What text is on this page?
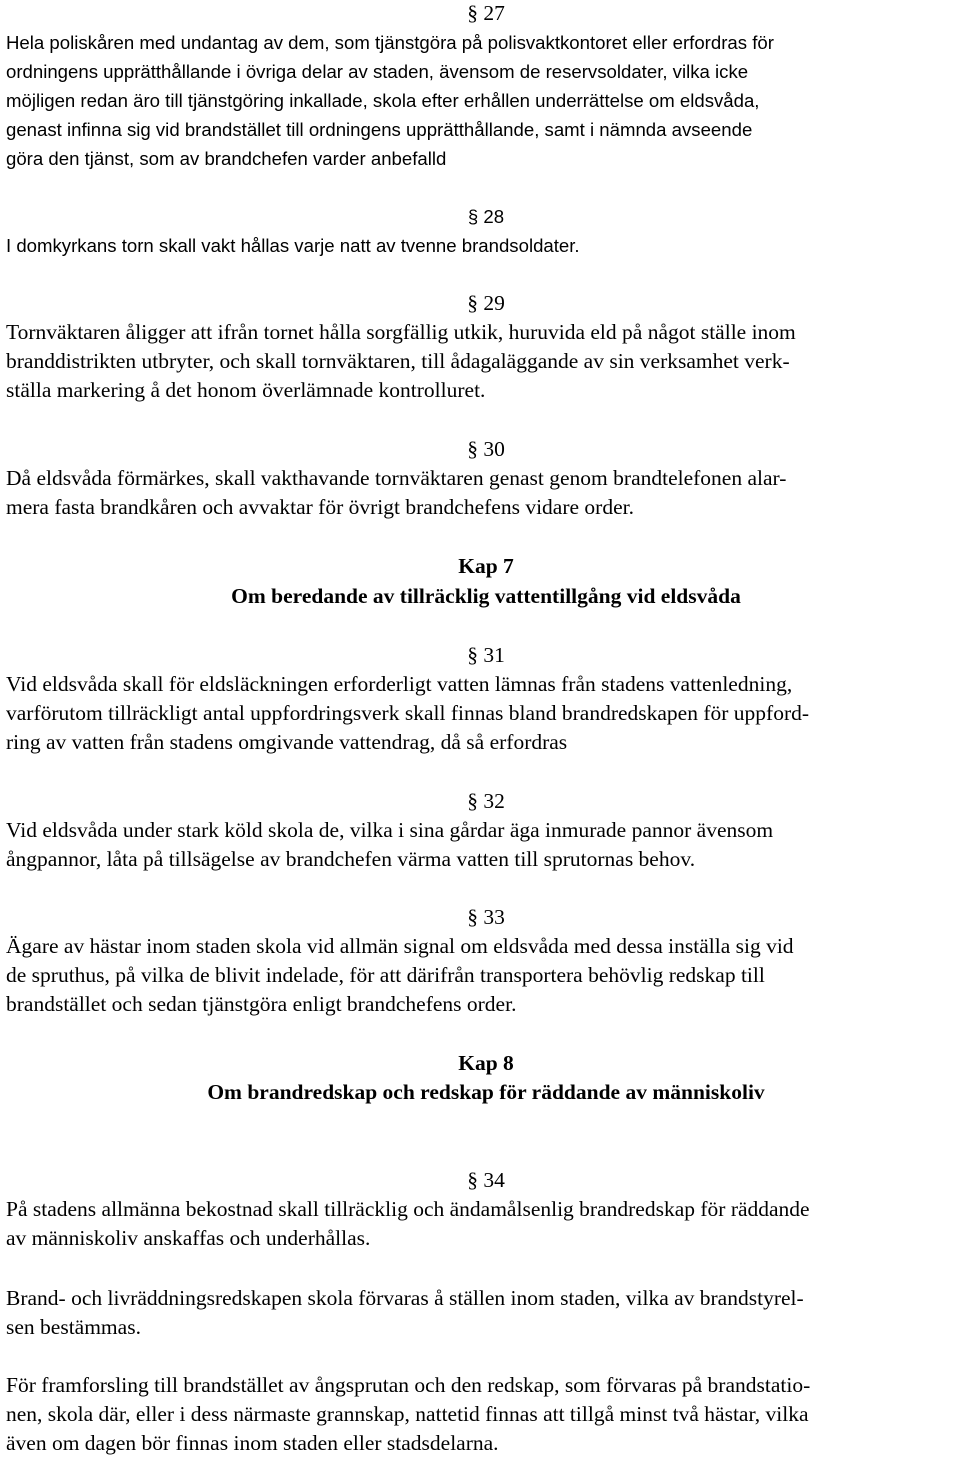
§ 27
Hela poliskåren med undantag av dem, som tjänstgöra på polisvaktkontoret eller erfordras för
ordningens upprätthållande i övriga delar av staden, ävensom de reservsoldater, vilka icke
möjligen redan äro till tjänstgöring inkallade, skola efter erhållen underrättelse om eldsvåda,
genast infinna sig vid brandstället till ordningens upprätthållande, samt i nämnda avseende
göra den tjänst, som av brandchefen varder anbefalld
§ 28
I domkyrkans torn skall vakt hållas varje natt av tvenne brandsoldater.
§ 29
Tornväktaren åligger att ifrån tornet hålla sorgfällig utkik, huruvida eld på något ställe inom
branddistrikten utbryter, och skall tornväktaren, till ådagaläggande av sin verksamhet verk-
ställa markering å det honom överlämnade kontrolluret.
§ 30
Då eldsvåda förmärkes, skall vakthavande tornväktaren genast genom brandtelefonen alar-
mera fasta brandkåren och avvaktar för övrigt brandchefens vidare order.
Kap 7
Om beredande av tillräcklig vattentillgång vid eldsvåda
§ 31
Vid eldsvåda skall för eldsläckningen erforderligt vatten lämnas från stadens vattenledning,
varförutom tillräckligt antal uppfordringsverk skall finnas bland brandredskapen för uppford-
ring av vatten från stadens omgivande vattendrag, då så erfordras
§ 32
Vid eldsvåda under stark köld skola de, vilka i sina gårdar äga inmurade pannor ävensom
ångpannor, låta på tillsägelse av brandchefen värma vatten till sprutornas behov.
§ 33
Ägare av hästar inom staden skola vid allmän signal om eldsvåda med dessa inställa sig vid
de spruthus, på vilka de blivit indelade, för att därifrån transportera behövlig redskap till
brandstället och sedan tjänstgöra enligt brandchefens order.
Kap 8
Om brandredskap och redskap för räddande av människoliv
§ 34
På stadens allmänna bekostnad skall tillräcklig och ändamålsenlig brandredskap för räddande
av människoliv anskaffas och underhållas.
Brand- och livräddningsredskapen skola förvaras å ställen inom staden, vilka av brandstyrel-
sen bestämmas.
För framforsling till brandstället av ångsprutan och den redskap, som förvaras på brandstatio-
nen, skola där, eller i dess närmaste grannskap, nattetid finnas att tillgå minst två hästar, vilka
även om dagen bör finnas inom staden eller stadsdelarna.
